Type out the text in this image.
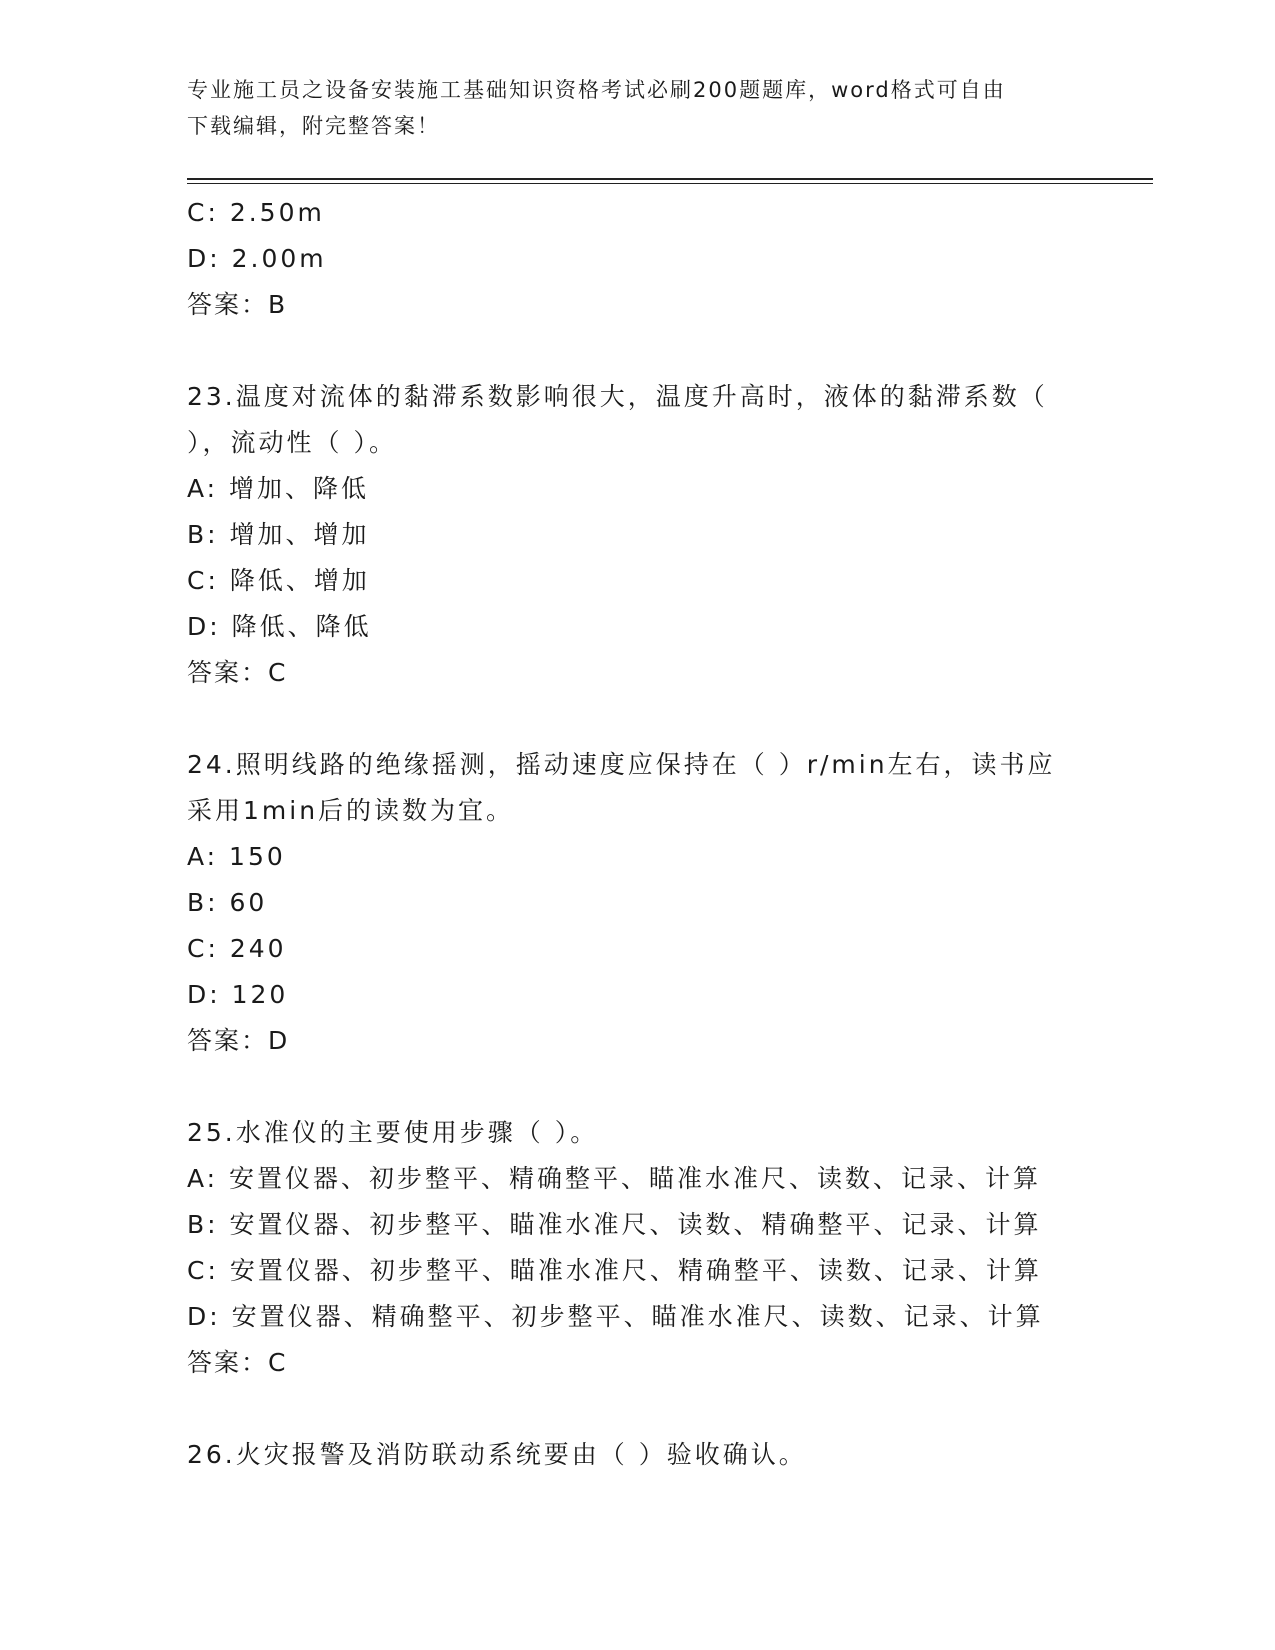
专业施工员之设备安装施工基础知识资格考试必刷200题题库，word格式可自由
下载编辑，附完整答案！
C: 2.50m
D: 2.00m
答案：B
23.温度对流体的黏滞系数影响很大，温度升高时，液体的黏滞系数（
），流动性（ ）。
A: 增加、降低
B: 增加、增加
C: 降低、增加
D: 降低、降低
答案：C
24.照明线路的绝缘摇测，摇动速度应保持在（ ）r/min左右，读书应
采用1min后的读数为宜。
A: 150
B: 60
C: 240
D: 120
答案：D
25.水准仪的主要使用步骤（ ）。
A: 安置仪器、初步整平、精确整平、瞄准水准尺、读数、记录、计算
B: 安置仪器、初步整平、瞄准水准尺、读数、精确整平、记录、计算
C: 安置仪器、初步整平、瞄准水准尺、精确整平、读数、记录、计算
D: 安置仪器、精确整平、初步整平、瞄准水准尺、读数、记录、计算
答案：C
26.火灾报警及消防联动系统要由（ ）验收确认。
